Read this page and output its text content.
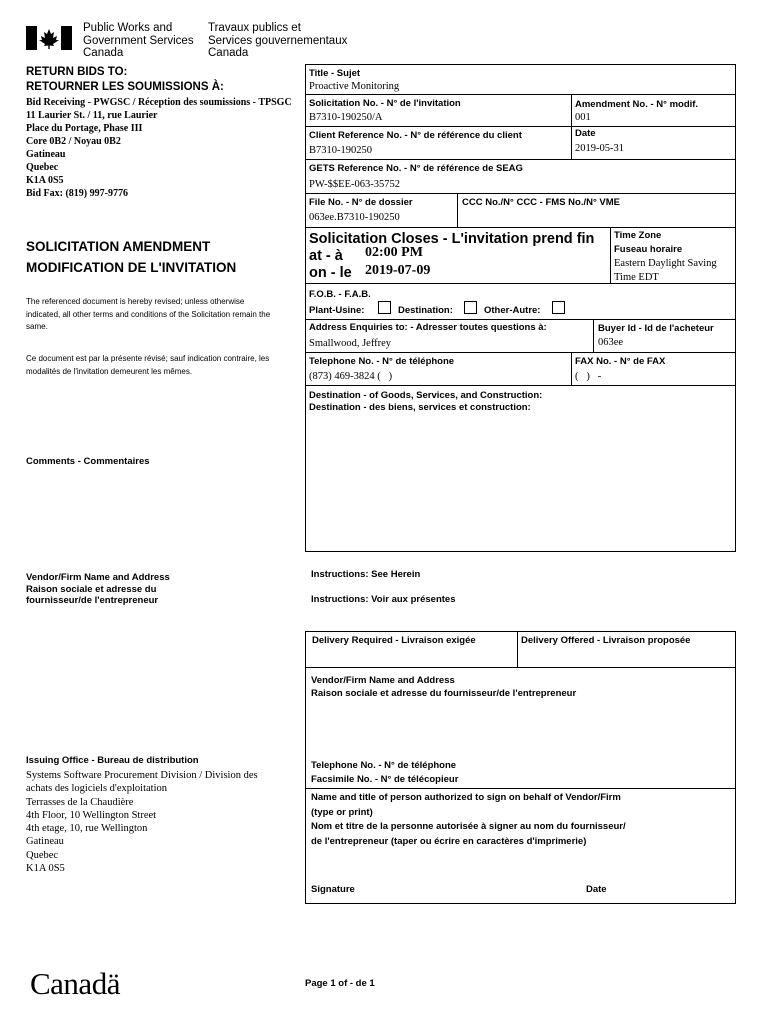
Public Works and
Government Services
Canada
Travaux publics et
Services gouvernementaux
Canada
RETURN BIDS TO:
RETOURNER LES SOUMISSIONS À:
Bid Receiving - PWGSC / Réception des soumissions - TPSGC
11 Laurier St. / 11, rue Laurier
Place du Portage, Phase III
Core 0B2 / Noyau 0B2
Gatineau
Quebec
K1A 0S5
Bid Fax: (819) 997-9776
SOLICITATION AMENDMENT
MODIFICATION DE L'INVITATION
The referenced document is hereby revised; unless otherwise indicated, all other terms and conditions of the Solicitation remain the same.
Ce document est par la présente révisé; sauf indication contraire, les modalités de l'invitation demeurent les mêmes.
Comments - Commentaires
Vendor/Firm Name and Address
Raison sociale et adresse du
fournisseur/de l'entrepreneur
Issuing Office - Bureau de distribution
Systems Software Procurement Division / Division des achats des logiciels d'exploitation
Terrasses de la Chaudière
4th Floor, 10 Wellington Street
4th etage, 10, rue Wellington
Gatineau
Quebec
K1A 0S5
Title - Sujet
Proactive Monitoring
Solicitation No. - N° de l'invitation
B7310-190250/A
Amendment No. - N° modif.
001
Client Reference No. - N° de référence du client
B7310-190250
Date
2019-05-31
GETS Reference No. - N° de référence de SEAG
PW-$$EE-063-35752
File No. - N° de dossier
063ee.B7310-190250
CCC No./N° CCC - FMS No./N° VME
Solicitation Closes - L'invitation prend fin
at - à 02:00 PM
on - le 2019-07-09
Time Zone
Fuseau horaire
Eastern Daylight Saving Time EDT
F.O.B. - F.A.B.
Plant-Usine:	Destination:	Other-Autre:
Address Enquiries to: - Adresser toutes questions à:
Smallwood, Jeffrey
Buyer Id - Id de l'acheteur
063ee
Telephone No. - N° de téléphone
(873) 469-3824 (   )
FAX No. - N° de FAX
(   )   -
Destination - of Goods, Services, and Construction:
Destination - des biens, services et construction:
Instructions: See Herein
Instructions: Voir aux présentes
Delivery Required - Livraison exigée	Delivery Offered - Livraison proposée
Vendor/Firm Name and Address
Raison sociale et adresse du fournisseur/de l'entrepreneur
Telephone No. - N° de téléphone
Facsimile No. - N° de télécopieur
Name and title of person authorized to sign on behalf of Vendor/Firm
(type or print)
Nom et titre de la personne autorisée à signer au nom du fournisseur/
de l'entrepreneur (taper ou écrire en caractères d'imprimerie)
Signature	Date
Canadä	Page 1 of - de 1
